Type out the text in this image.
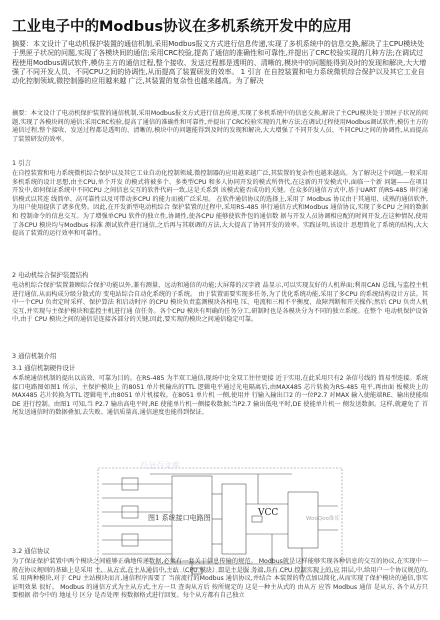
工业电子中的Modbus协议在多机系统开发中的应用
摘要：本文设计了电动机保护装置的通信机制,采用Modbus报文方式进行信息传递,实现了多机系统中的信息交换,解决了主CPU模块处于黑匣子状况的问题,实现了各模块间的通信;采用CRC校验,提高了通信的准确性和可靠性,并提出了CRC校验实现的几种方法;在调试过程使用Modbus调试软件,模仿主方的通信过程,整个接收、发送过程都是透明的、清晰的,模块中的问题能得到及时的发现和解决,大大增强了不同开发人员、不同CPU之间的协调性,从而提高了装置研发的效率。 1 引言 在自控装置和电力系统微机综合保护以及其它工业自动化控制领域,微控制器的应用越来越 广泛,其装置的复杂性也越来越高。为了解决
摘要：本文设计了电动机保护装置的通信机制,采用Modbus报文方式进行信息传递,实现了多机系统中的信息交换,解决了主CPU模块处于黑匣子状况的问题,实现了各模块间的通信;采用CRC校验,提高了通信的准确性和可靠性,并提出了CRC校验实现的几种方法;在调试过程使用Modbus调试软件,模仿主方的通信过程,整个接收、发送过程都是透明的、清晰的,模块中的问题能得到及时的发现和解决,大大增强了不同开发人员、不同CPU之间的协调性,从而提高了装置研发的效率。
1 引言
在自控装置和电力系统微机综合保护以及其它工业自动化控制领域,微控制器的应用越来越广泛,其装置的复杂性也越来越高。为了解决这个问题,一般采用多机系统的设计思想,由主CPU,单个开发 的模式将被多个、多类型CPU 和多人协同开发的模式所替代,在这新的开发模式中,面临一个新 问题——在项目开发中,如何保证系统中不同CPU 之间信息交互的软件代码一致,这是关系到 该模式能否成功的关键。在众多的通信方式中,基于UART 的RS-485 串行通信模式以其连 线简单、高可靠性以及可带动多CPU 的能力而被广泛采用。 在软件通信协议的选择上,采用了 Modbus 协议由于其通用、成熟的通信软件,为用户使用提供了诸多优势。因此,在开发新型电动机综合 保护装置的过程中,采用RS-485 串行通信方式和Modbus 通信协议,实现了多CPU 之间的数据和 控制命令的信息交互。为了增强单CPU 软件的独立性,协调性,使各CPU 能够使软件包的通信数 据与开发人员协调相应配的时间开发,在这种情况,使用了各CPU 模块均与Modbus 标准 测试软件进行通信,之后再与其联调的方法,大大提高了协同开发的效率。实践证明,该设计 思想简化了系统的结构,大大提高了装置的运行效率和可靠性。
2 电动机综合保护装置结构
电动机综合保护装置兼顾综合保护功能以外,兼有测量、远动和通信的功能;大屏幕的汉字液 晶显示,可以实现友好的人机界面;利用CAN 总线,与监控主机进行通信,从而构成分级分散式的 变电站综合自动化系统的子系统。 由于装置需要实现多任务,为了优化系统功能,采用了多CPU 的系统结构设计方法。其中一个CPU 负责定时采样、保护算法 和启动时序 的CPU 模块负责监测模块各相电 压、电流和三相不平衡度、故障判断和开关操作;然后 CPU 负责人机交互,并实现与主保护模块和监控主机进行通 信任务。各个CPU 模块有明确的任务分工,研制时也是各模块分为不同的独立系统。在整个 电动机保护设备中,由于 CPU 模块之间的通信是连接各部分的关键,因此,要实现的模块之间通信稳定可靠。
3 通信机制介绍
3.1 通信机制硬件设计
本系统通信机制的提出以高效、可靠为目的。在RS-485 为半双工通信,现场中比全双工往往更接 近于实用,在此采用只有2 条信号线的 简易型连接。系统接口电路图如图1 所示，主保护模块上 的8051 单片机输出的TTL 逻辑电平通过光电隔离后,由MAX485 芯片转换为RS-485 电平,再由面 板模块上的MAX485 芯片转换为TTL 逻辑电平,由8051 单片机接收。在8051 单片机 一侧,使用并 行输入输出口2 的一位P2.7 对MAX 输入使能端RE、输出使能端DE 进行控制。由图1 可知,当 P2.7 输出高电平时,RE 使能单片机一侧接收数据;当P2.7 输出低电平时,DE 使能单片机一 侧发送数据。这样,就避免了 首尾发送通信时的数据叠加,去失败。通信质量高,通信速度也能得到保证。
百分百文库
图1 系统接口电路图	VCC
WooQoo维库
3.2 通信协议
为了保证保护装置中两个模块之间能够正确地传递数据,必须有一套关于信息传输的规范。 Modbus就是这样能够实现各种信息的交互的协议,在实现中一般在协议规则的基础上是采用 主、从方式,在主从通信中,主站（CPU 模块）即是主是服 务端,具有 CPU 控制实现上的,应 用层,中,给用户一个协议规范的,采 用两种模块,对于 CPU 主站模块而言,通信程序需要了 当前流行的Modbus 通信协议,并结合 本装置的特点加以简化,从而实现了保护模块的通信,事实证明效果 很好。 Modbus 的通信方式为主从方式,主方一旦 查询从方后 按所规定的 这是一种主从式的 由从方 应答 Modbus 通信 是从方, 各个从方只要根据 指令中的 地址号 区分 是否处理 按数据格式进行回复。每个从方都有自己独立
